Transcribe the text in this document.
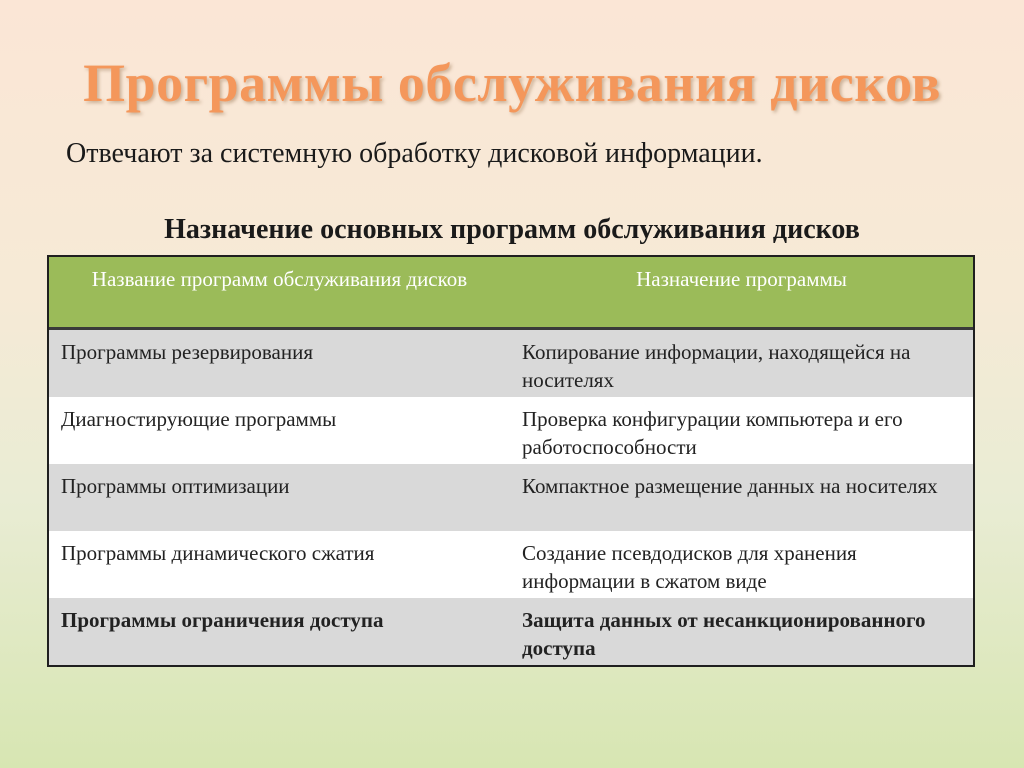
Программы обслуживания дисков
Отвечают за системную обработку дисковой информации.
Назначение основных программ обслуживания дисков
Название программ обслуживания дисков	Назначение программы
Программы резервирования	Копирование информации, находящейся на носителях
Диагностирующие программы	Проверка конфигурации компьютера и его работоспособности
Программы оптимизации	Компактное размещение данных на носителях
Программы динамического сжатия	Создание псевдодисков для хранения информации в сжатом виде
Программы ограничения доступа	Защита данных от несанкционированного доступа
